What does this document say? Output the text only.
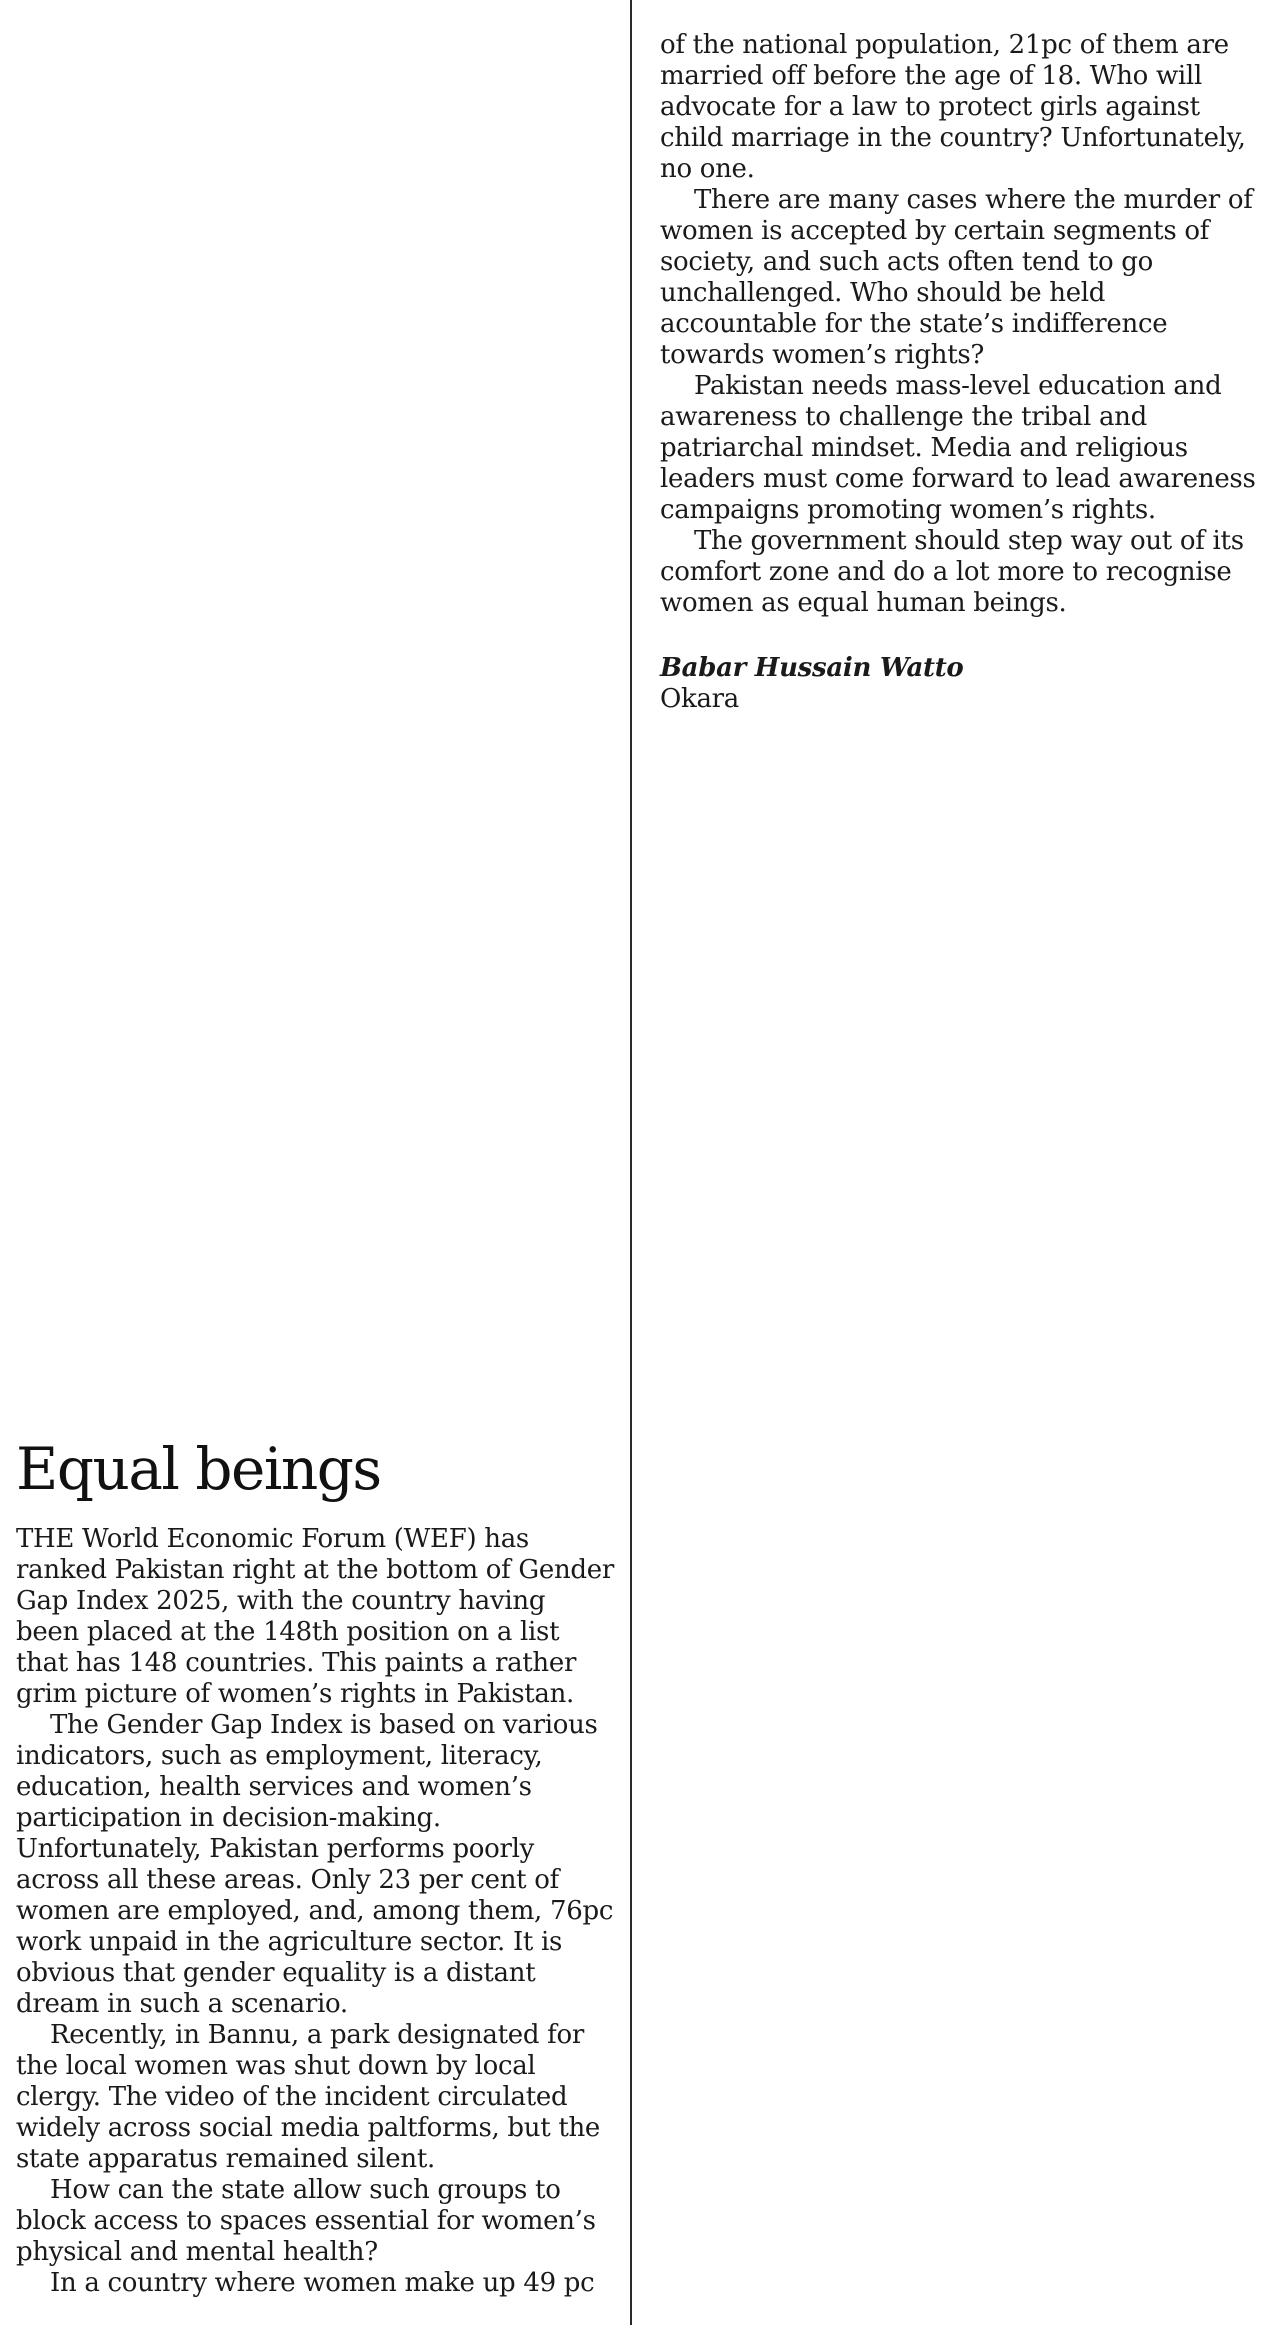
of the national population, 21pc of them are married off before the age of 18. Who will advocate for a law to protect girls against child marriage in the country? Unfortunately, no one.

There are many cases where the murder of women is accepted by certain segments of society, and such acts often tend to go unchallenged. Who should be held accountable for the state’s indifference towards women’s rights?

Pakistan needs mass-level education and awareness to challenge the tribal and patriarchal mindset. Media and religious leaders must come forward to lead awareness campaigns promoting women’s rights.

The government should step way out of its comfort zone and do a lot more to recognise women as equal human beings.

Babar Hussain Watto
Okara
Equal beings

THE World Economic Forum (WEF) has ranked Pakistan right at the bottom of Gender Gap Index 2025, with the country having been placed at the 148th position on a list that has 148 countries. This paints a rather grim picture of women’s rights in Pakistan.

The Gender Gap Index is based on various indicators, such as employment, literacy, education, health services and women’s participation in decision-making. Unfortunately, Pakistan performs poorly across all these areas. Only 23 per cent of women are employed, and, among them, 76pc work unpaid in the agriculture sector. It is obvious that gender equality is a distant dream in such a scenario.

Recently, in Bannu, a park designated for the local women was shut down by local clergy. The video of the incident circulated widely across social media paltforms, but the state apparatus remained silent.

How can the state allow such groups to block access to spaces essential for women’s physical and mental health?

In a country where women make up 49 pc
